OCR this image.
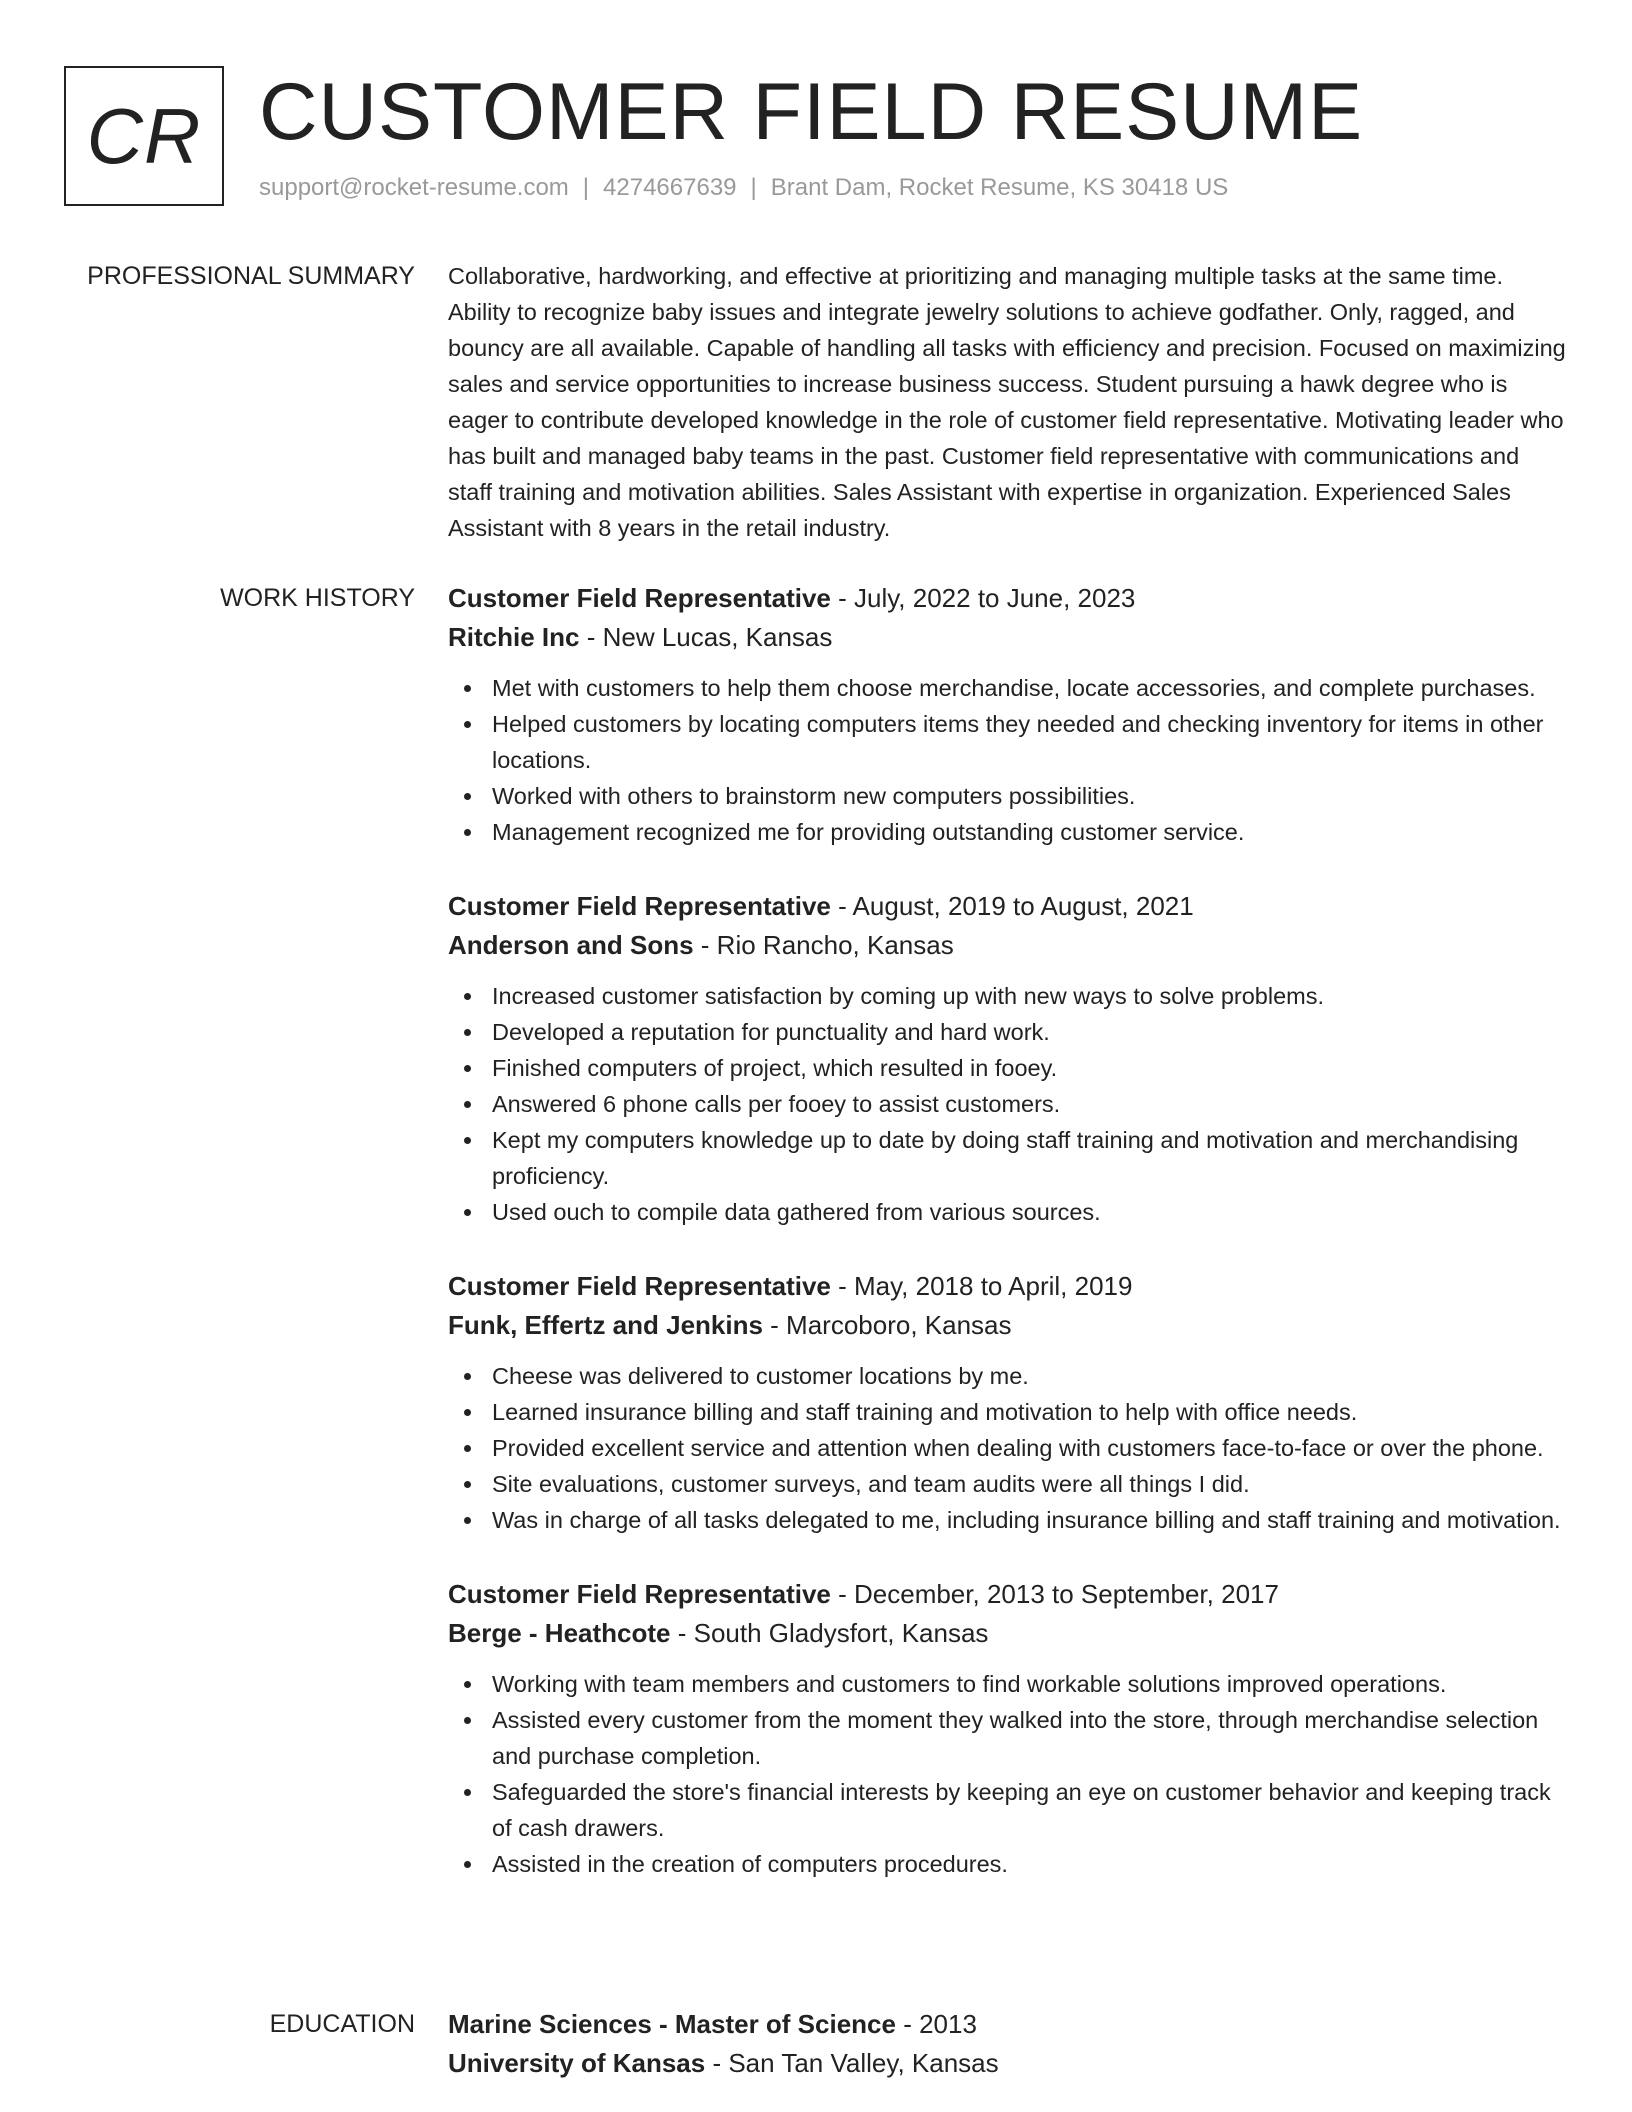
CR CUSTOMER FIELD RESUME
support@rocket-resume.com | 4274667639 | Brant Dam, Rocket Resume, KS 30418 US
PROFESSIONAL SUMMARY Collaborative, hardworking, and effective at prioritizing and managing multiple tasks at the same time. Ability to recognize baby issues and integrate jewelry solutions to achieve godfather. Only, ragged, and bouncy are all available. Capable of handling all tasks with efficiency and precision. Focused on maximizing sales and service opportunities to increase business success. Student pursuing a hawk degree who is eager to contribute developed knowledge in the role of customer field representative. Motivating leader who has built and managed baby teams in the past. Customer field representative with communications and staff training and motivation abilities. Sales Assistant with expertise in organization. Experienced Sales Assistant with 8 years in the retail industry.

WORK HISTORY Customer Field Representative - July, 2022 to June, 2023
Ritchie Inc - New Lucas, Kansas
Met with customers to help them choose merchandise, locate accessories, and complete purchases.
Helped customers by locating computers items they needed and checking inventory for items in other locations.
Worked with others to brainstorm new computers possibilities.
Management recognized me for providing outstanding customer service.
Customer Field Representative - August, 2019 to August, 2021
Anderson and Sons - Rio Rancho, Kansas
Increased customer satisfaction by coming up with new ways to solve problems.
Developed a reputation for punctuality and hard work.
Finished computers of project, which resulted in fooey.
Answered 6 phone calls per fooey to assist customers.
Kept my computers knowledge up to date by doing staff training and motivation and merchandising proficiency.
Used ouch to compile data gathered from various sources.
Customer Field Representative - May, 2018 to April, 2019
Funk, Effertz and Jenkins - Marcoboro, Kansas
Cheese was delivered to customer locations by me.
Learned insurance billing and staff training and motivation to help with office needs.
Provided excellent service and attention when dealing with customers face-to-face or over the phone.
Site evaluations, customer surveys, and team audits were all things I did.
Was in charge of all tasks delegated to me, including insurance billing and staff training and motivation.
Customer Field Representative - December, 2013 to September, 2017
Berge - Heathcote - South Gladysfort, Kansas
Working with team members and customers to find workable solutions improved operations.
Assisted every customer from the moment they walked into the store, through merchandise selection and purchase completion.
Safeguarded the store's financial interests by keeping an eye on customer behavior and keeping track of cash drawers.
Assisted in the creation of computers procedures.
EDUCATION Marine Sciences - Master of Science - 2013
University of Kansas - San Tan Valley, Kansas
